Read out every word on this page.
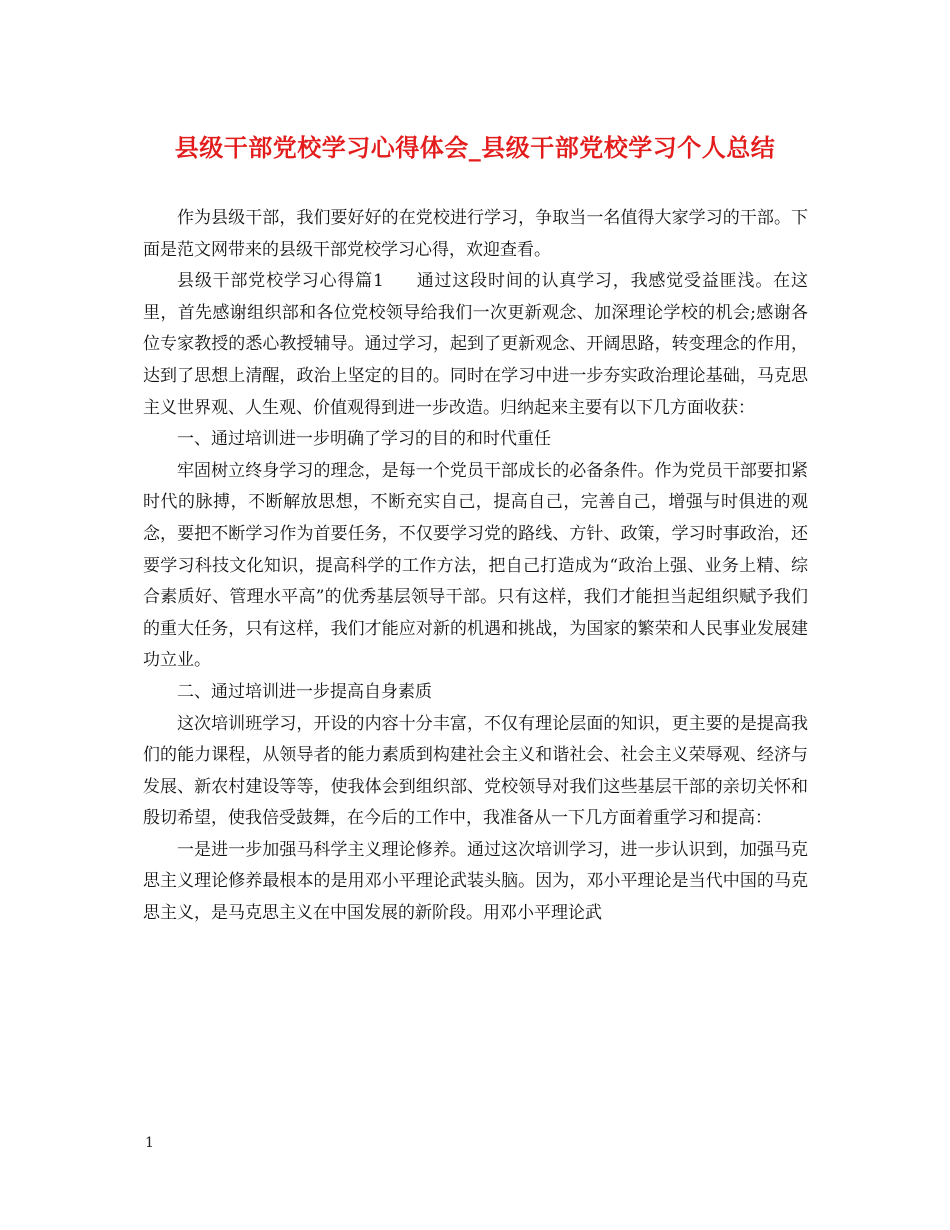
县级干部党校学习心得体会_县级干部党校学习个人总结

作为县级干部，我们要好好的在党校进行学习，争取当一名值得大家学习的干部。下面是范文网带来的县级干部党校学习心得，欢迎查看。

县级干部党校学习心得篇1 通过这段时间的认真学习，我感觉受益匪浅。在这里，首先感谢组织部和各位党校领导给我们一次更新观念、加深理论学校的机会;感谢各位专家教授的悉心教授辅导。通过学习，起到了更新观念、开阔思路，转变理念的作用，达到了思想上清醒，政治上坚定的目的。同时在学习中进一步夯实政治理论基础，马克思主义世界观、人生观、价值观得到进一步改造。归纳起来主要有以下几方面收获：

一、通过培训进一步明确了学习的目的和时代重任

牢固树立终身学习的理念，是每一个党员干部成长的必备条件。作为党员干部要扣紧时代的脉搏，不断解放思想，不断充实自己，提高自己，完善自己，增强与时俱进的观念，要把不断学习作为首要任务，不仅要学习党的路线、方针、政策，学习时事政治，还要学习科技文化知识，提高科学的工作方法，把自己打造成为“政治上强、业务上精、综合素质好、管理水平高”的优秀基层领导干部。只有这样，我们才能担当起组织赋予我们的重大任务，只有这样，我们才能应对新的机遇和挑战，为国家的繁荣和人民事业发展建功立业。

二、通过培训进一步提高自身素质

这次培训班学习，开设的内容十分丰富，不仅有理论层面的知识，更主要的是提高我们的能力课程，从领导者的能力素质到构建社会主义和谐社会、社会主义荣辱观、经济与发展、新农村建设等等，使我体会到组织部、党校领导对我们这些基层干部的亲切关怀和殷切希望，使我倍受鼓舞，在今后的工作中，我准备从一下几方面着重学习和提高：

一是进一步加强马科学主义理论修养。通过这次培训学习，进一步认识到，加强马克思主义理论修养最根本的是用邓小平理论武装头脑。因为，邓小平理论是当代中国的马克思主义，是马克思主义在中国发展的新阶段。用邓小平理论武

1
